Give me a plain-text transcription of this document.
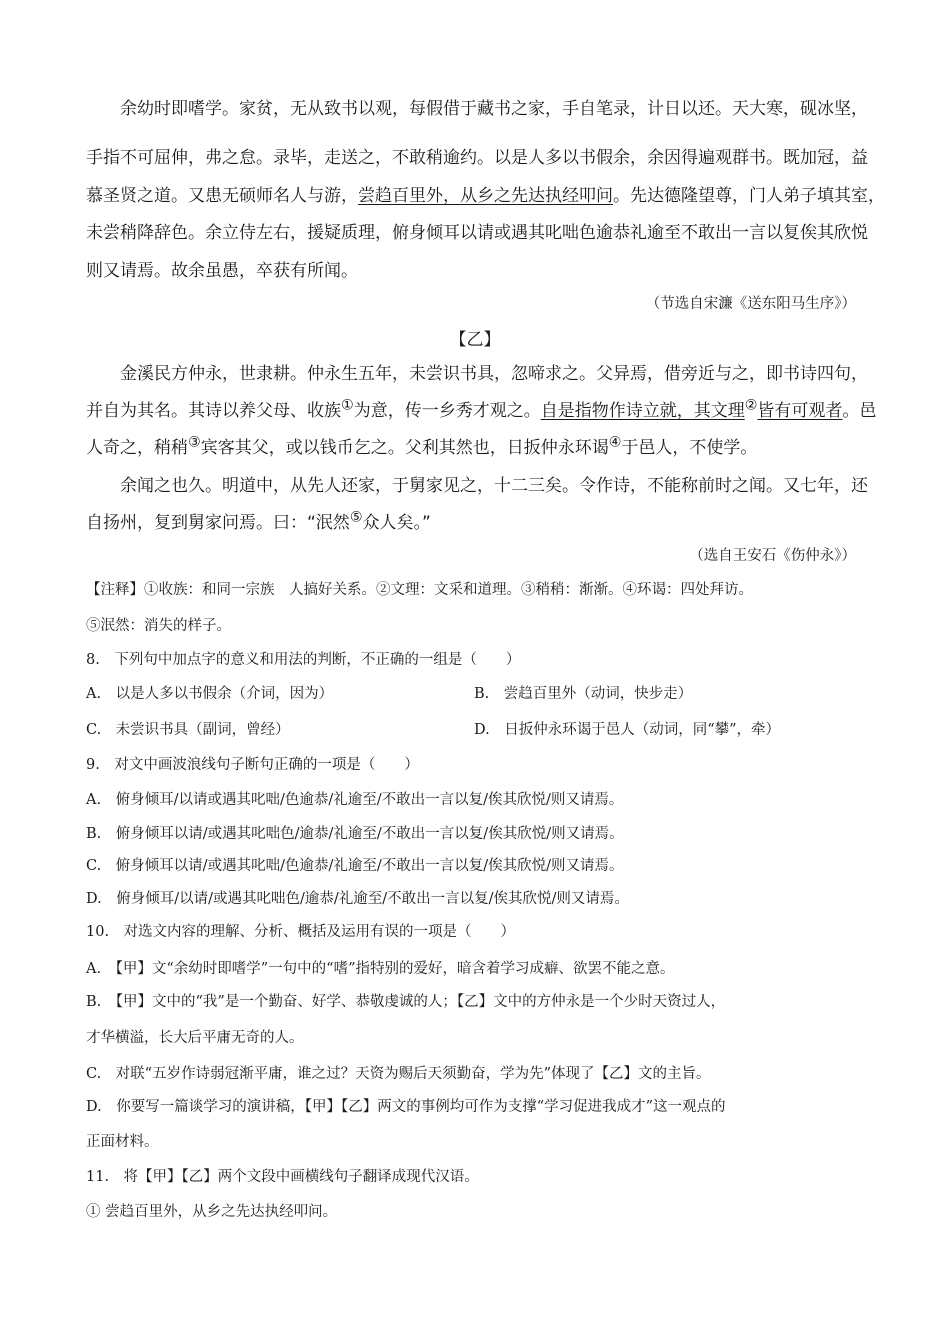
余幼时即嗜学。家贫，无从致书以观，每假借于藏书之家，手自笔录，计日以还。天大寒，砚冰坚，
手指不可屈伸，弗之怠。录毕，走送之，不敢稍逾约。以是人多以书假余，余因得遍观群书。既加冠，益
慕圣贤之道。又患无硕师名人与游，尝趋百里外，从乡之先达执经叩问。先达德隆望尊，门人弟子填其室，
未尝稍降辞色。余立侍左右，援疑质理，俯身倾耳以请或遇其叱咄色逾恭礼逾至不敢出一言以复俟其欣悦
则又请焉。故余虽愚，卒获有所闻。
（节选自宋濂《送东阳马生序》）
【乙】
金溪民方仲永，世隶耕。仲永生五年，未尝识书具，忽啼求之。父异焉，借旁近与之，即书诗四句，
并自为其名。其诗以养父母、收族①为意，传一乡秀才观之。自是指物作诗立就，其文理②皆有可观者。邑
人奇之，稍稍③宾客其父，或以钱币乞之。父利其然也，日扳仲永环谒④于邑人，不使学。
余闻之也久。明道中，从先人还家，于舅家见之，十二三矣。令作诗，不能称前时之闻。又七年，还
自扬州，复到舅家问焉。曰：“泯然⑤众人矣。”
（选自王安石《伤仲永》）
【注释】①收族：和同一宗族　人搞好关系。②文理：文采和道理。③稍稍：渐渐。④环谒：四处拜访。
⑤泯然：消失的样子。
8.　下列句中加点字的意义和用法的判断，不正确的一组是（　　）
A.　以是人多以书假余（介词，因为）	B.　尝趋百里外（动词，快步走）
C.　未尝识书具（副词，曾经）	D.　日扳仲永环谒于邑人（动词，同“攀”，牵）
9.　对文中画波浪线句子断句正确的一项是（　　）
A.　俯身倾耳/以请或遇其叱咄/色逾恭/礼逾至/不敢出一言以复/俟其欣悦/则又请焉。
B.　俯身倾耳以请/或遇其叱咄色/逾恭/礼逾至/不敢出一言以复/俟其欣悦/则又请焉。
C.　俯身倾耳以请/或遇其叱咄/色逾恭/礼逾至/不敢出一言以复/俟其欣悦/则又请焉。
D.　俯身倾耳/以请/或遇其叱咄色/逾恭/礼逾至/不敢出一言以复/俟其欣悦/则又请焉。
10.　对选文内容的理解、分析、概括及运用有误的一项是（　　）
A.　【甲】文“余幼时即嗜学”一句中的“嗜”指特别的爱好，暗含着学习成癖、欲罢不能之意。
B.　【甲】文中的“我”是一个勤奋、好学、恭敬虔诚的人；【乙】文中的方仲永是一个少时天资过人，
才华横溢，长大后平庸无奇的人。
C.　对联“五岁作诗弱冠渐平庸，谁之过？天资为赐后天须勤奋，学为先”体现了【乙】文的主旨。
D.　你要写一篇谈学习的演讲稿，【甲】【乙】两文的事例均可作为支撑“学习促进我成才”这一观点的
正面材料。
11.　将【甲】【乙】两个文段中画横线句子翻译成现代汉语。
① 尝趋百里外，从乡之先达执经叩问。
